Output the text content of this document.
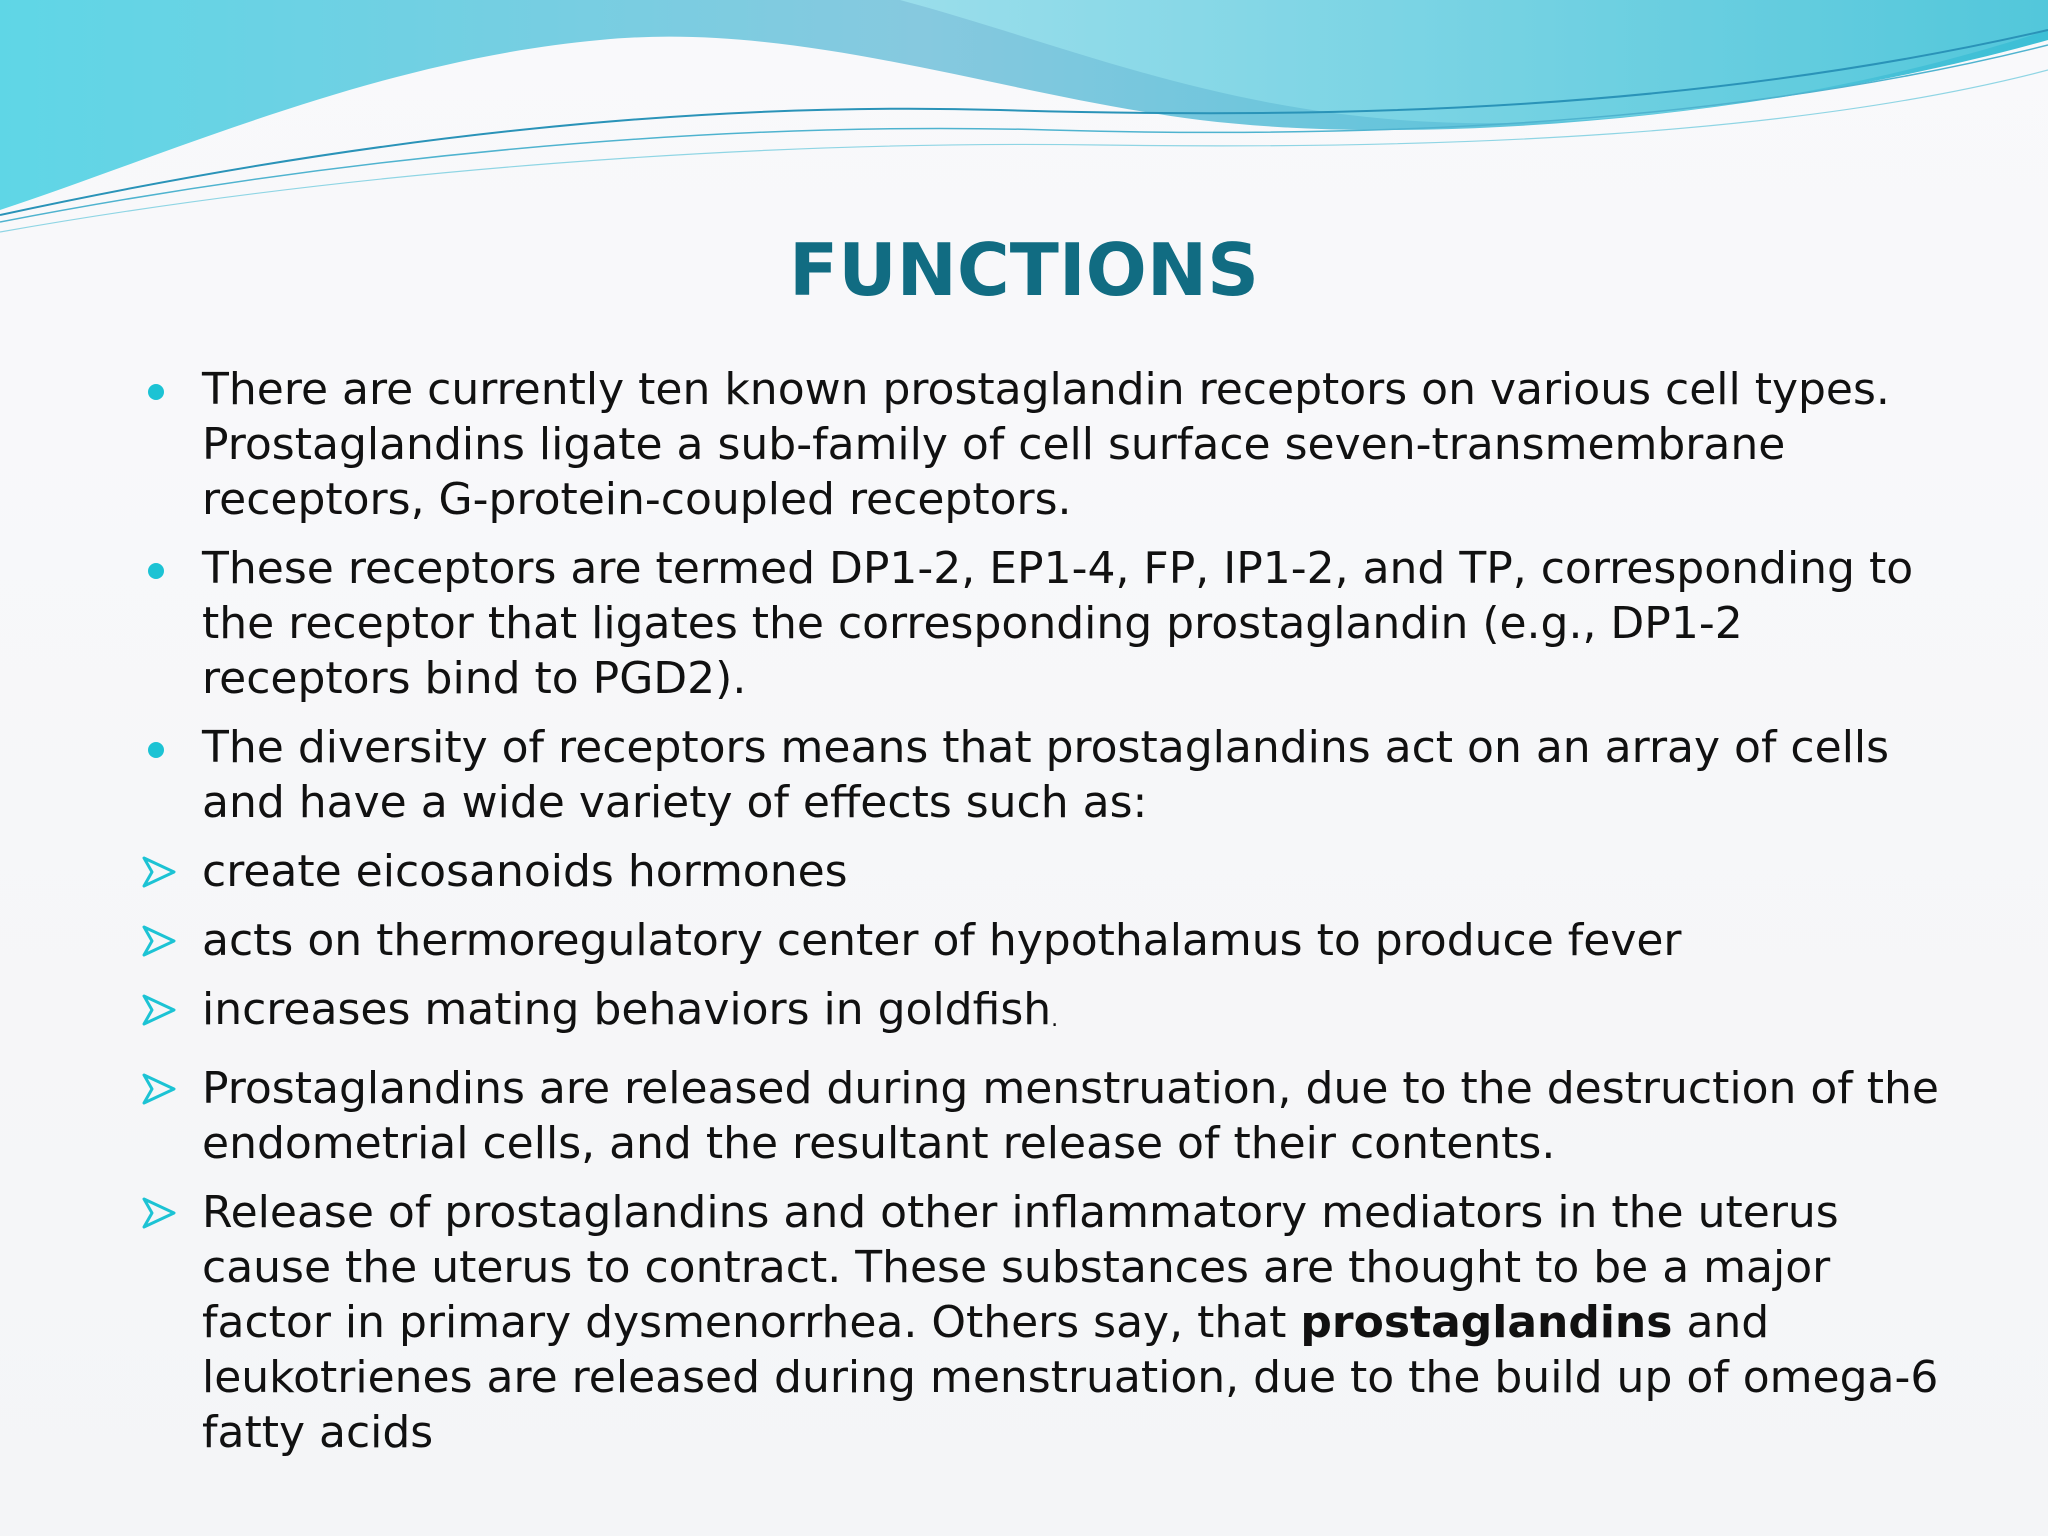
FUNCTIONS
There are currently ten known prostaglandin receptors on various cell types. Prostaglandins ligate a sub-family of cell surface seven-transmembrane receptors, G-protein-coupled receptors.
These receptors are termed DP1-2, EP1-4, FP, IP1-2, and TP, corresponding to the receptor that ligates the corresponding prostaglandin (e.g., DP1-2 receptors bind to PGD2).
The diversity of receptors means that prostaglandins act on an array of cells and have a wide variety of effects such as:
create eicosanoids hormones
acts on thermoregulatory center of hypothalamus to produce fever
increases mating behaviors in goldfish.
Prostaglandins are released during menstruation, due to the destruction of the endometrial cells, and the resultant release of their contents.
Release of prostaglandins and other inflammatory mediators in the uterus cause the uterus to contract. These substances are thought to be a major factor in primary dysmenorrhea. Others say, that prostaglandins and leukotrienes are released during menstruation, due to the build up of omega-6 fatty acids
